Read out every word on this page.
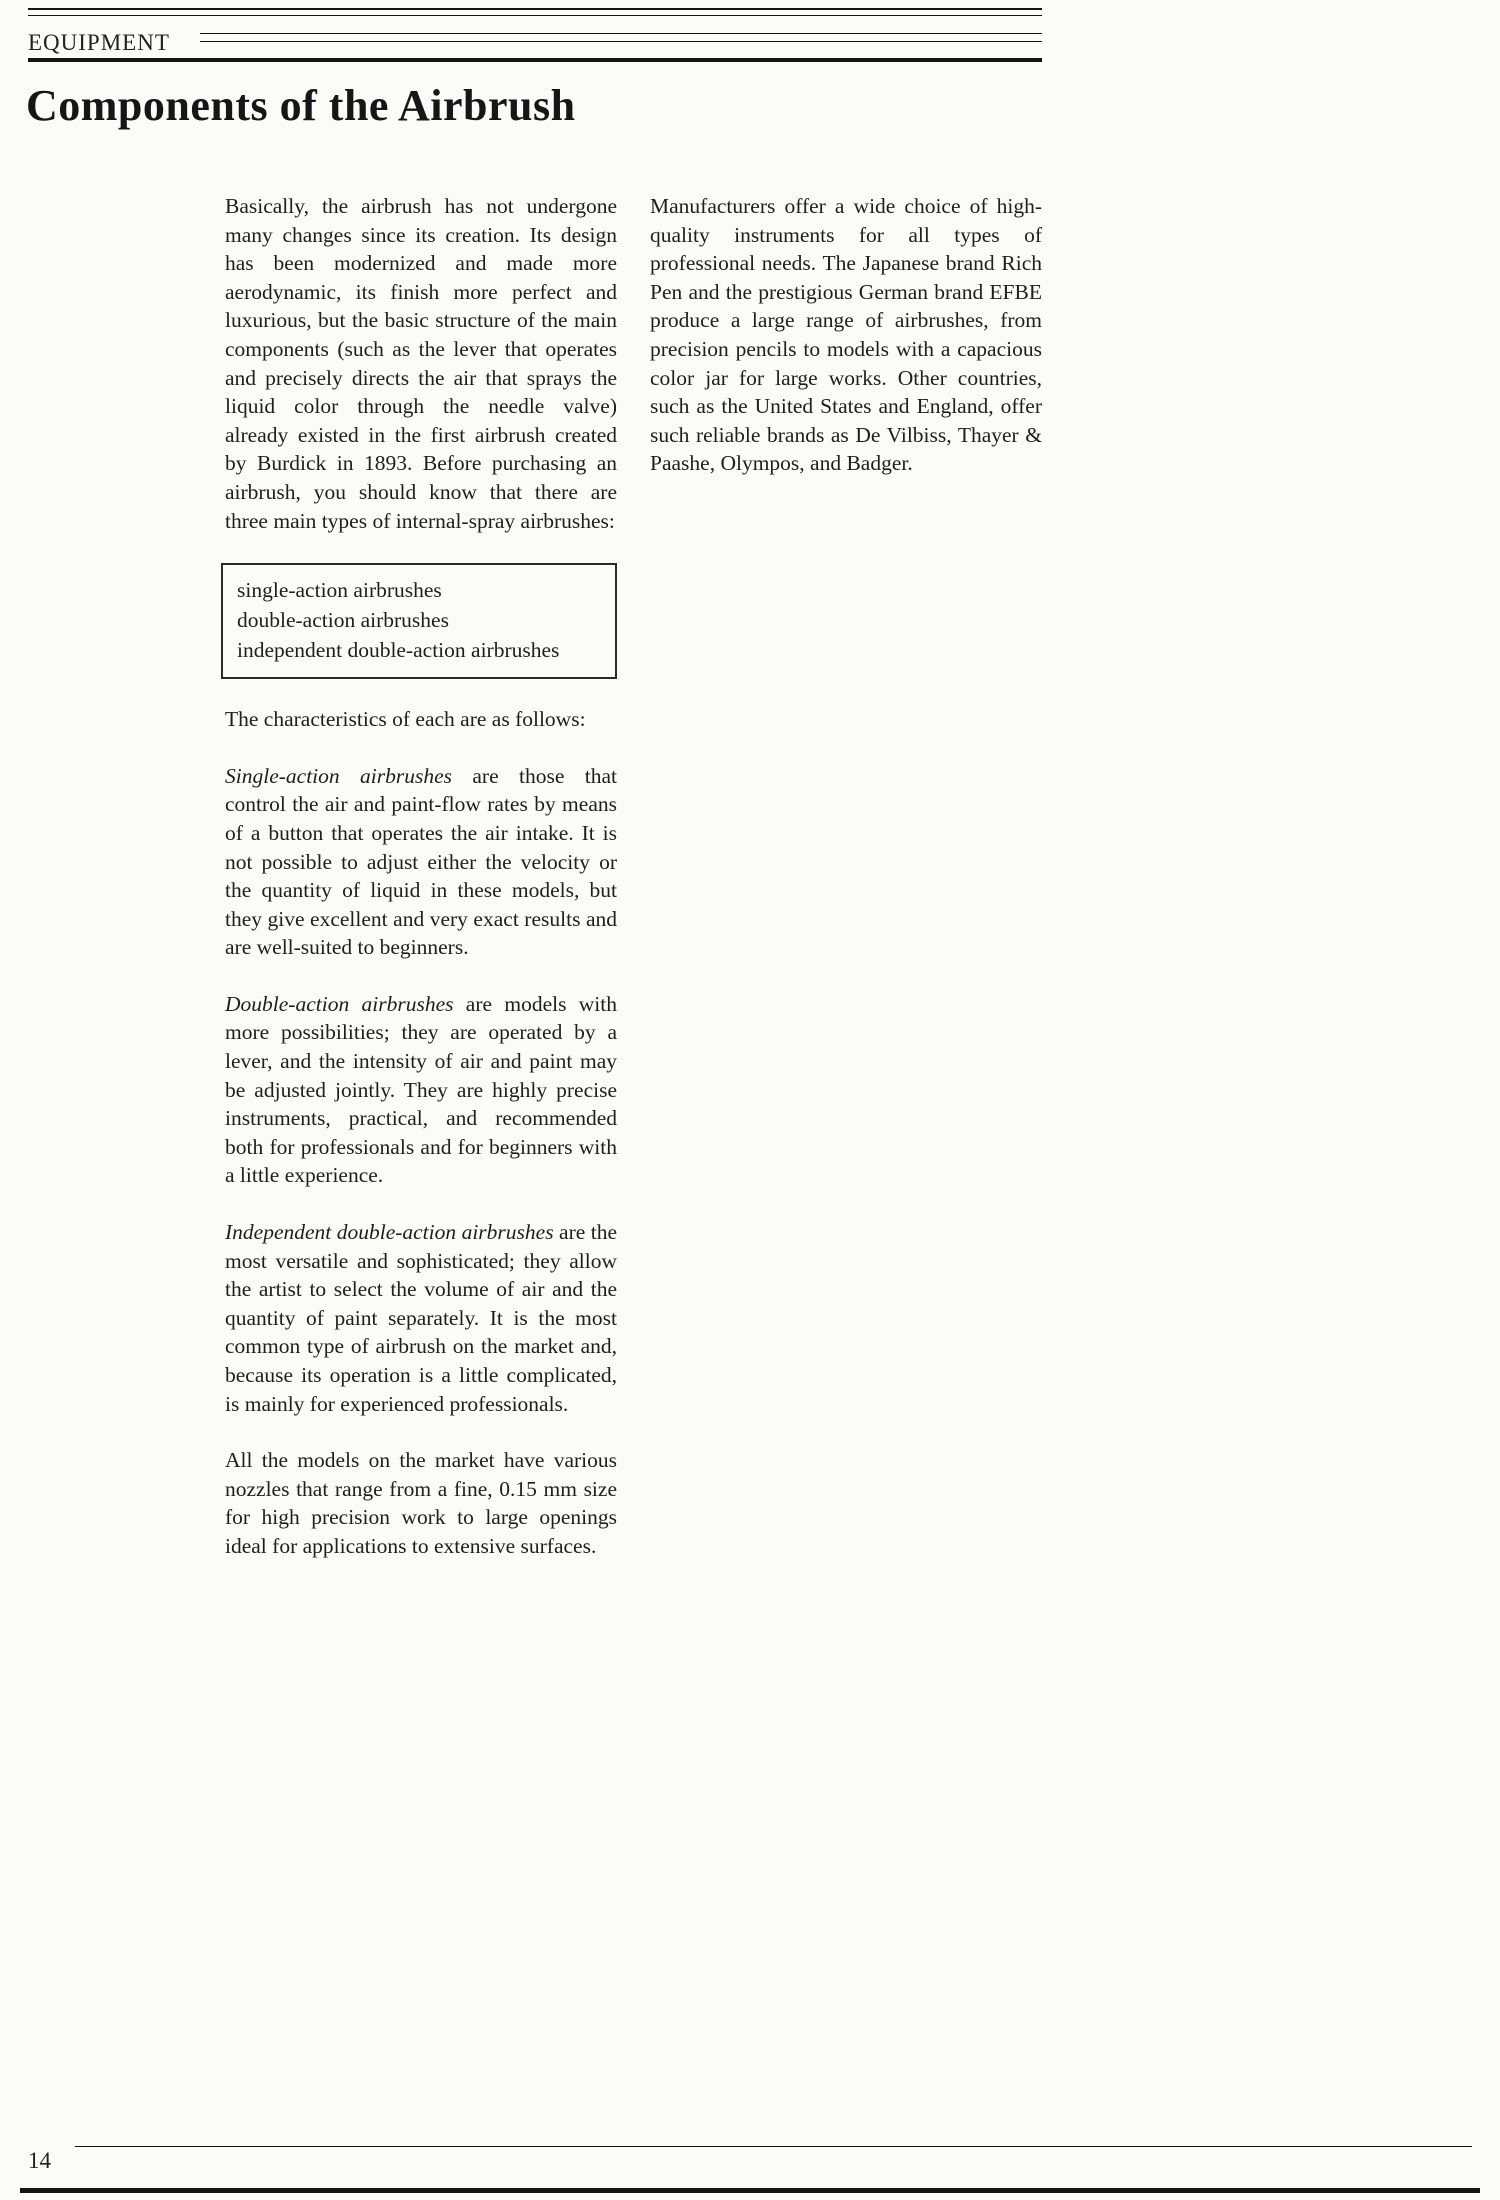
EQUIPMENT
Components of the Airbrush

Basically, the airbrush has not undergone many changes since its creation. Its design has been modernized and made more aerodynamic, its finish more perfect and luxurious, but the basic structure of the main components (such as the lever that operates and precisely directs the air that sprays the liquid color through the needle valve) already existed in the first airbrush created by Burdick in 1893. Before purchasing an airbrush, you should know that there are three main types of internal-spray airbrushes:

single-action airbrushes
double-action airbrushes
independent double-action airbrushes

The characteristics of each are as follows:

Single-action airbrushes are those that control the air and paint-flow rates by means of a button that operates the air intake. It is not possible to adjust either the velocity or the quantity of liquid in these models, but they give excellent and very exact results and are well-suited to beginners.

Double-action airbrushes are models with more possibilities; they are operated by a lever, and the intensity of air and paint may be adjusted jointly. They are highly precise instruments, practical, and recommended both for professionals and for beginners with a little experience.

Independent double-action airbrushes are the most versatile and sophisticated; they allow the artist to select the volume of air and the quantity of paint separately. It is the most common type of airbrush on the market and, because its operation is a little complicated, is mainly for experienced professionals.

All the models on the market have various nozzles that range from a fine, 0.15 mm size for high precision work to large openings ideal for applications to extensive surfaces.

Manufacturers offer a wide choice of high-quality instruments for all types of professional needs. The Japanese brand Rich Pen and the prestigious German brand EFBE produce a large range of airbrushes, from precision pencils to models with a capacious color jar for large works. Other countries, such as the United States and England, offer such reliable brands as De Vilbiss, Thayer & Paashe, Olympos, and Badger.

14
